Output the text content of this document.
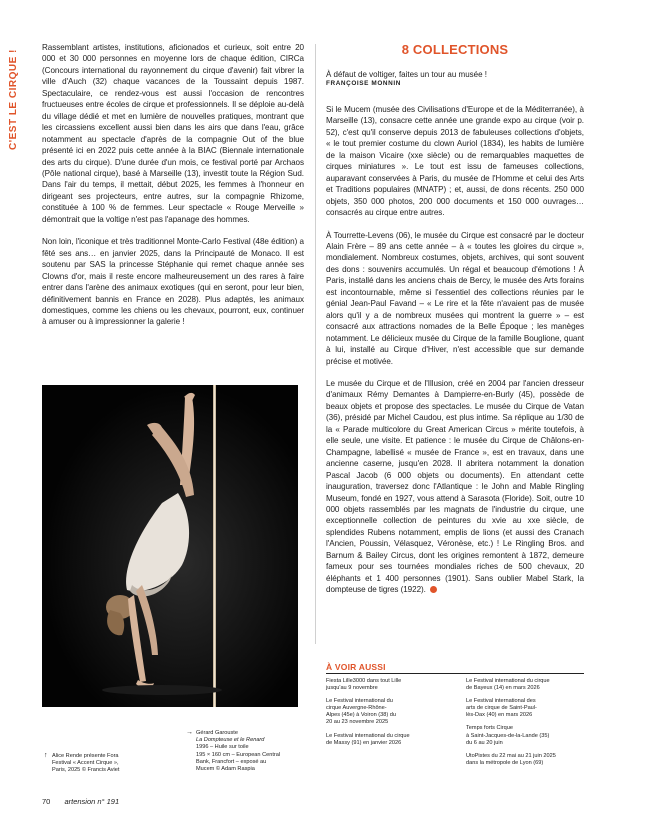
C'EST LE CIRQUE !

Rassemblant artistes, institutions, aficionados et curieux, soit entre 20 000 et 30 000 personnes en moyenne lors de chaque édition, CIRCa (Concours international du rayonnement du cirque d'avenir) fait vibrer la ville d'Auch (32) chaque vacances de la Toussaint depuis 1987. Spectaculaire, ce rendez-vous est aussi l'occasion de rencontres fructueuses entre écoles de cirque et professionnels. Il se déploie au-delà du village dédié et met en lumière de nouvelles pratiques, montrant que les circassiens excellent aussi bien dans les airs que dans l'eau, grâce notamment au spectacle d'après de la compagnie Out of the blue présenté ici en 2022 puis cette année à la BIAC (Biennale internationale des arts du cirque). D'une durée d'un mois, ce festival porté par Archaos (Pôle national cirque), basé à Marseille (13), investit toute la Région Sud. Dans l'air du temps, il mettait, début 2025, les femmes à l'honneur en dirigeant ses projecteurs, entre autres, sur la compagnie Rhizome, constituée à 100 % de femmes. Leur spectacle « Rouge Merveille » démontrait que la voltige n'est pas l'apanage des hommes.

Non loin, l'iconique et très traditionnel Monte-Carlo Festival (48e édition) a fêté ses ans… en janvier 2025, dans la Principauté de Monaco. Il est soutenu par SAS la princesse Stéphanie qui remet chaque année ses Clowns d'or, mais il reste encore malheureusement un des rares à faire entrer dans l'arène des animaux exotiques (qui en seront, pour leur bien, définitivement bannis en France en 2028). Plus adaptés, les animaux domestiques, comme les chiens ou les chevaux, pourront, eux, continuer à amuser ou à impressionner la galerie !

8 COLLECTIONS
À défaut de voltiger, faites un tour au musée !
FRANÇOISE MONNIN

Si le Mucem (musée des Civilisations d'Europe et de la Méditerranée), à Marseille (13), consacre cette année une grande expo au cirque (voir p. 52), c'est qu'il conserve depuis 2013 de fabuleuses collections d'objets, « le tout premier costume du clown Auriol (1834), les habits de lumière de la maison Vicaire (xxe siècle) ou de remarquables maquettes de cirques miniatures ». Le tout est issu de fameuses collections, auparavant conservées à Paris, du musée de l'Homme et celui des Arts et Traditions populaires (MNATP) ; et, aussi, de dons récents. 250 000 objets, 350 000 photos, 200 000 documents et 150 000 ouvrages… consacrés au cirque entre autres.

À Tourrette-Levens (06), le musée du Cirque est consacré par le docteur Alain Frère – 89 ans cette année – à « toutes les gloires du cirque », mondialement. Nombreux costumes, objets, archives, qui sont souvent des dons : souvenirs accumulés. Un régal et beaucoup d'émotions ! À Paris, installé dans les anciens chais de Bercy, le musée des Arts forains est incontournable, même si l'essentiel des collections réunies par le génial Jean-Paul Favand – « Le rire et la fête n'avaient pas de musée alors qu'il y a de nombreux musées qui montrent la guerre » – est consacré aux attractions nomades de la Belle Époque ; les manèges notamment. Le délicieux musée du Cirque de la famille Bouglione, quant à lui, installé au Cirque d'Hiver, n'est accessible que sur demande précise et motivée.

Le musée du Cirque et de l'Illusion, créé en 2004 par l'ancien dresseur d'animaux Rémy Demantes à Dampierre-en-Burly (45), possède de beaux objets et propose des spectacles. Le musée du Cirque de Vatan (36), présidé par Michel Caudou, est plus intime. Sa réplique au 1/30 de la « Parade multicolore du Great American Circus » mérite toutefois, à elle seule, une visite. Et patience : le musée du Cirque de Châlons-en-Champagne, labellisé « musée de France », est en travaux, dans une ancienne caserne, jusqu'en 2028. Il abritera notamment la donation Pascal Jacob (6 000 objets ou documents). En attendant cette inauguration, traversez donc l'Atlantique : le John and Mable Ringling Museum, fondé en 1927, vous attend à Sarasota (Floride). Soit, outre 10 000 objets rassemblés par les magnats de l'industrie du cirque, une exceptionnelle collection de peintures du xvie au xxe siècle, de splendides Rubens notamment, emplis de lions (et aussi des Cranach l'Ancien, Poussin, Vélasquez, Véronèse, etc.) ! Le Ringling Bros. and Barnum & Bailey Circus, dont les origines remontent à 1872, demeure fameux pour ses tournées mondiales riches de 500 chevaux, 20 éléphants et 1 400 personnes (1901). Sans oublier Mabel Stark, la dompteuse de tigres (1922).

↑ Alice Rende présente Fora
Festival « Accent Cirque »,
Paris, 2025 © Francis Aviet
→ Gérard Garouste
La Dompteuse et le Renard
1996 – Huile sur toile
195 × 160 cm – European Central
Bank, Francfort – exposé au
Mucem © Adam Raspia
À VOIR AUSSI
Fiesta Lille3000 dans tout Lille
jusqu'au 9 novembre
Le Festival international du
cirque Auvergne-Rhône-
Alpes (45e) à Voiron (38) du
20 au 23 novembre 2025
Le Festival international du cirque
de Massy (91) en janvier 2026
Le Festival international du cirque
de Bayeux (14) en mars 2026
Le Festival international des
arts de cirque de Saint-Paul-
lès-Dax (40) en mars 2026
Temps forts Cirque
à Saint-Jacques-de-la-Lande (35)
du 6 au 20 juin
UtoPistes du 22 mai au 21 juin 2025
dans la métropole de Lyon (69)
70 artension n° 191
